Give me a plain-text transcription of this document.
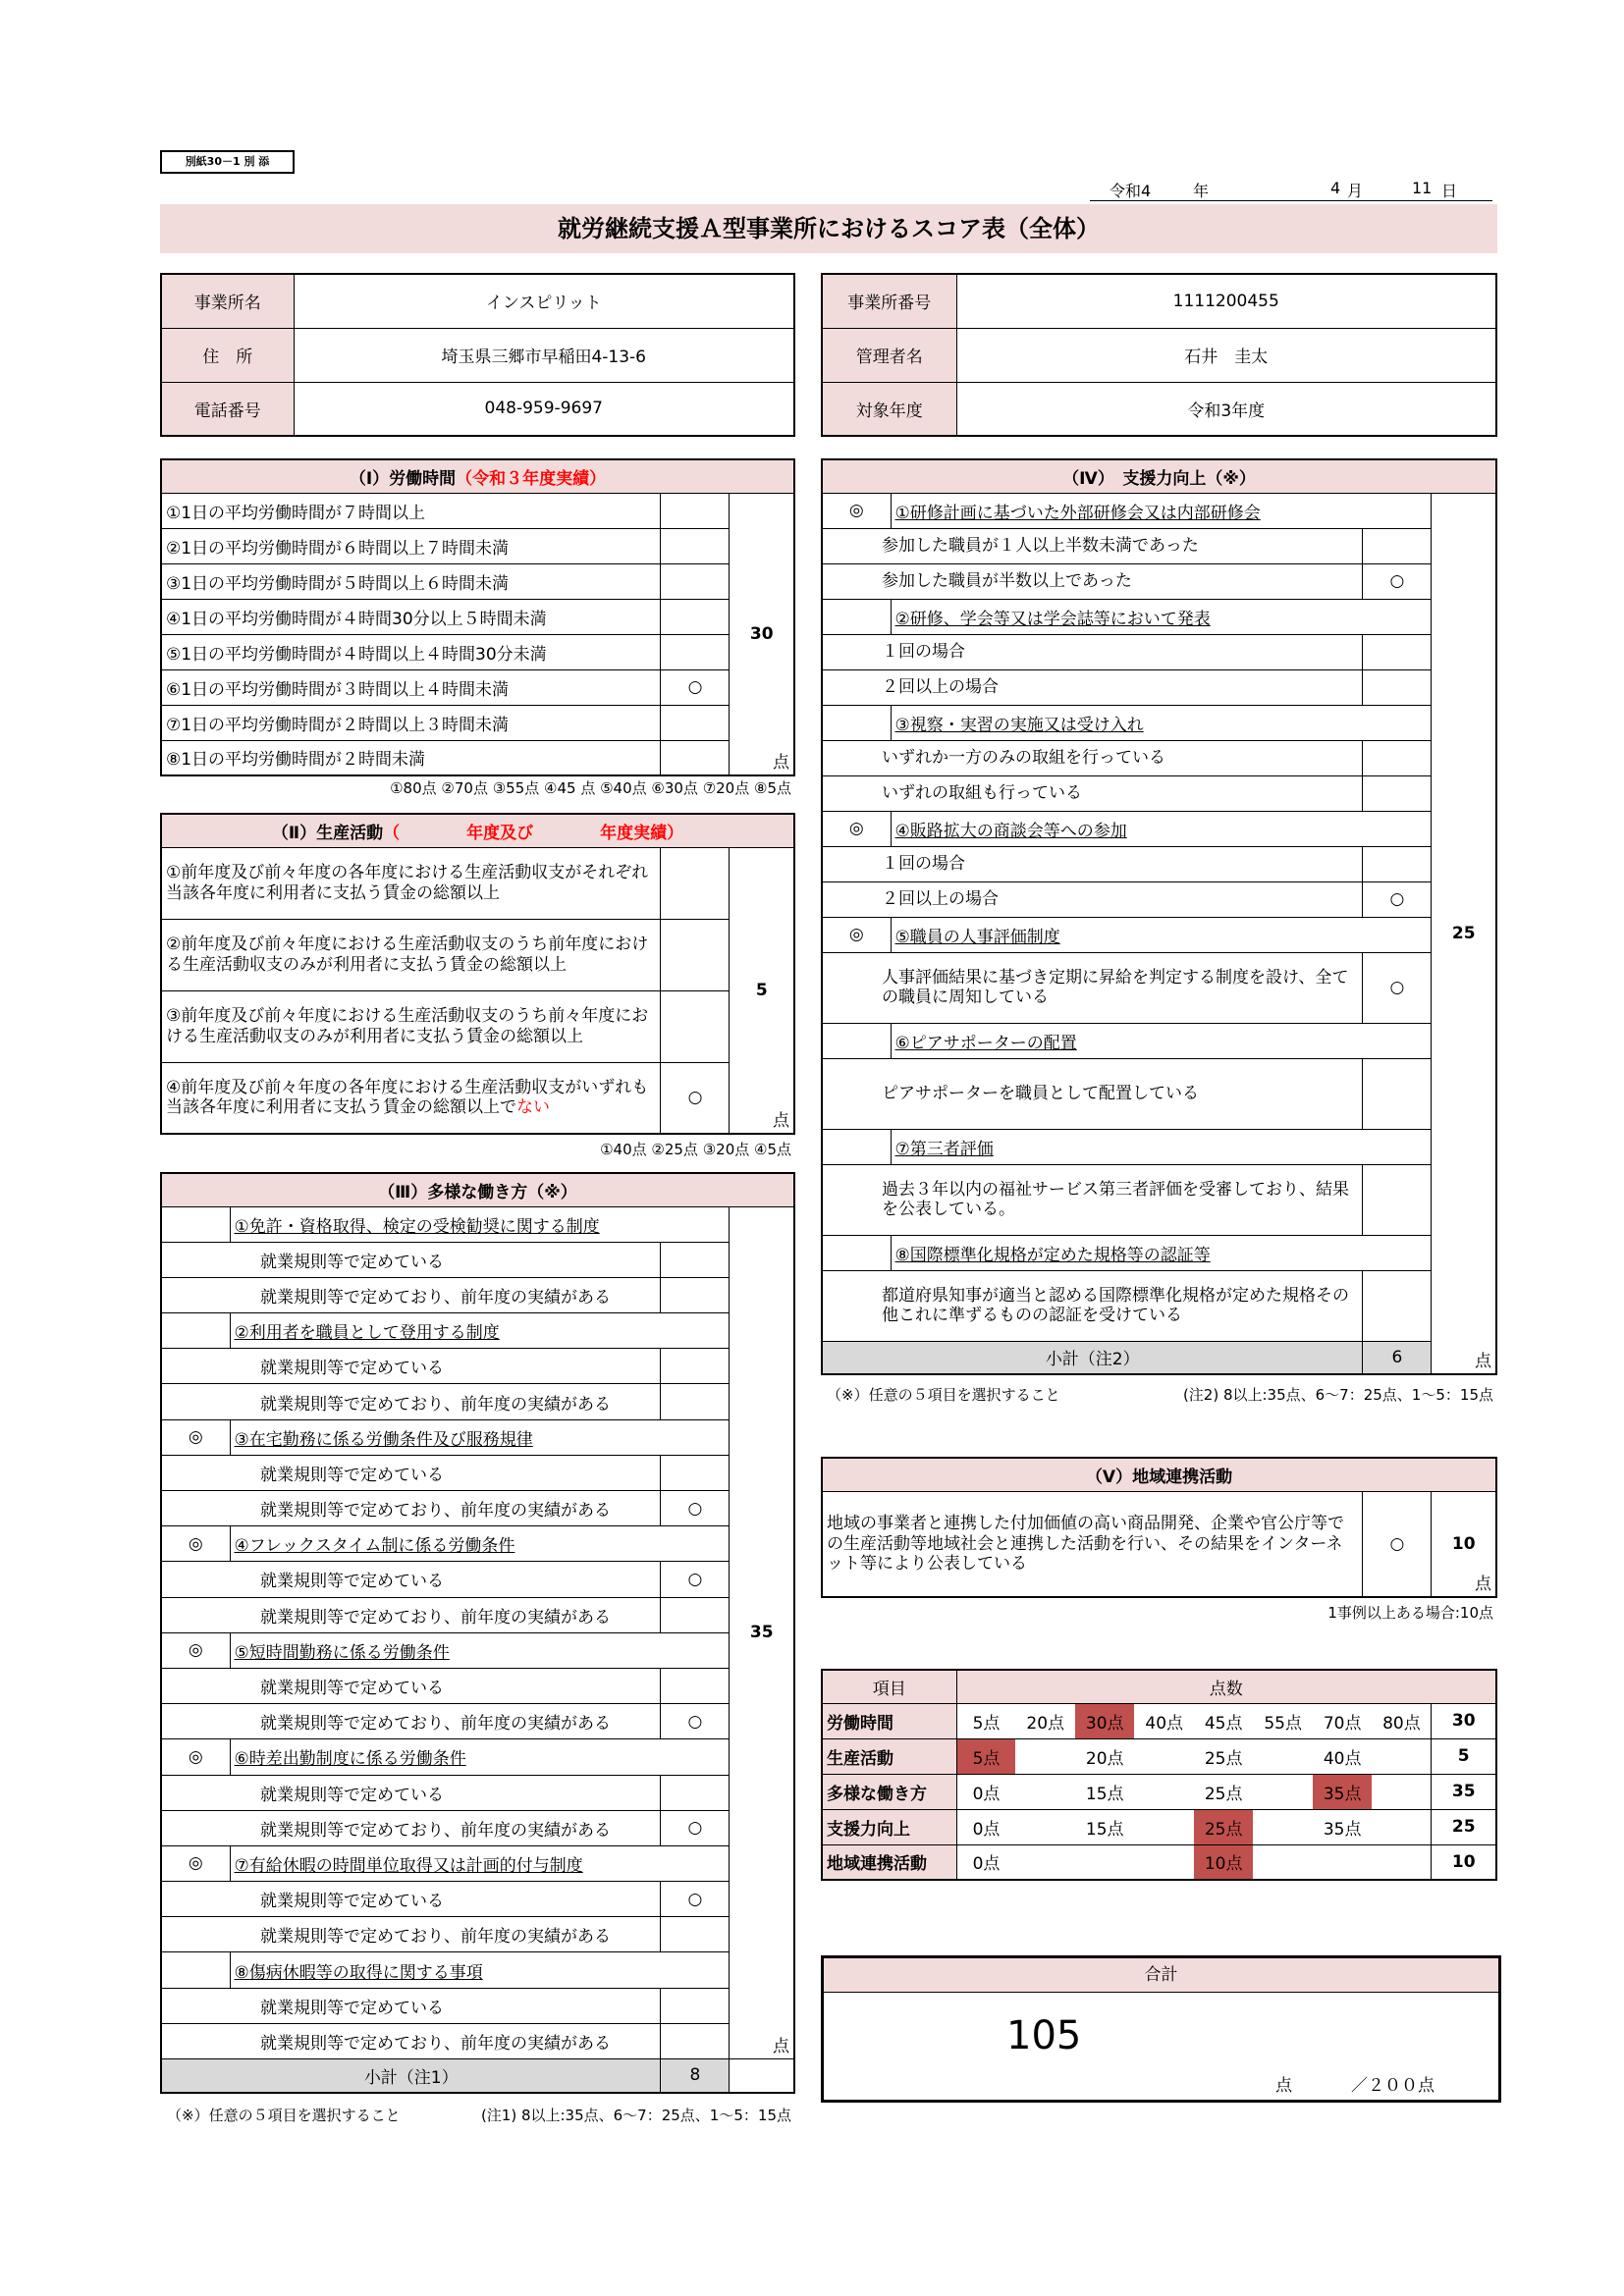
別紙30－1 別 添
令和4	年	4 月	11 日
就労継続支援Ａ型事業所におけるスコア表（全体）
事業所名	インスピリット
住　所	埼玉県三郷市早稲田4-13-6
電話番号	048-959-9697
事業所番号	1111200455
管理者名	石井　圭太
対象年度	令和3年度
（Ⅰ）労働時間（令和３年度実績）		
①1日の平均労働時間が７時間以上		30
点

②1日の平均労働時間が６時間以上７時間未満		
③1日の平均労働時間が５時間以上６時間未満		
④1日の平均労働時間が４時間30分以上５時間未満		
⑤1日の平均労働時間が４時間以上４時間30分未満		
⑥1日の平均労働時間が３時間以上４時間未満	○	
⑦1日の平均労働時間が２時間以上３時間未満		
⑧1日の平均労働時間が２時間未満		
①80点 ②70点 ③55点 ④45 点 ⑤40点 ⑥30点 ⑦20点 ⑧5点
（Ⅱ）生産活動（　　　　年度及び　　　　年度実績）		
①前年度及び前々年度の各年度における生産活動収支がそれぞれ当該各年度に利用者に支払う賃金の総額以上		5
点

②前年度及び前々年度における生産活動収支のうち前年度における生産活動収支のみが利用者に支払う賃金の総額以上		
③前年度及び前々年度における生産活動収支のうち前々年度における生産活動収支のみが利用者に支払う賃金の総額以上		
④前年度及び前々年度の各年度における生産活動収支がいずれも当該各年度に利用者に支払う賃金の総額以上でない	○	
①40点 ②25点 ③20点 ④5点
（Ⅲ）多様な働き方（※）			
	①免許・資格取得、検定の受検勧奨に関する制度		35
点

就業規則等で定めている			
就業規則等で定めており、前年度の実績がある			
	②利用者を職員として登用する制度		
就業規則等で定めている			
就業規則等で定めており、前年度の実績がある			
◎	③在宅勤務に係る労働条件及び服務規律		
就業規則等で定めている			
就業規則等で定めており、前年度の実績がある		○	
◎	④フレックスタイム制に係る労働条件		
就業規則等で定めている		○	
就業規則等で定めており、前年度の実績がある			
◎	⑤短時間勤務に係る労働条件		
就業規則等で定めている			
就業規則等で定めており、前年度の実績がある		○	
◎	⑥時差出勤制度に係る労働条件		
就業規則等で定めている			
就業規則等で定めており、前年度の実績がある		○	
◎	⑦有給休暇の時間単位取得又は計画的付与制度		
就業規則等で定めている		○	
就業規則等で定めており、前年度の実績がある			
	⑧傷病休暇等の取得に関する事項		
就業規則等で定めている			
就業規則等で定めており、前年度の実績がある			
小計（注1）		8	
（※）任意の５項目を選択すること	(注1) 8以上:35点、6～7：25点、1～5：15点
（Ⅳ）　支援力向上（※）			
◎	①研修計画に基づいた外部研修会又は内部研修会		25
点

参加した職員が１人以上半数未満であった			
参加した職員が半数以上であった		○	
	②研修、学会等又は学会誌等において発表		
１回の場合			
２回以上の場合			
	③視察・実習の実施又は受け入れ		
いずれか一方のみの取組を行っている			
いずれの取組も行っている			
◎	④販路拡大の商談会等への参加		
１回の場合			
２回以上の場合		○	
◎	⑤職員の人事評価制度		
人事評価結果に基づき定期に昇給を判定する制度を設け、全ての職員に周知している		○	
	⑥ピアサポーターの配置		
ピアサポーターを職員として配置している			
	⑦第三者評価		
過去３年以内の福祉サービス第三者評価を受審しており、結果を公表している。			
	⑧国際標準化規格が定めた規格等の認証等		
都道府県知事が適当と認める国際標準化規格が定めた規格その他これに準ずるものの認証を受けている			
小計（注2）		6	
（※）任意の５項目を選択すること	(注2) 8以上:35点、6～7：25点、1～5：15点
（Ⅴ）地域連携活動
地域の事業者と連携した付加価値の高い商品開発、企業や官公庁等での生産活動等地域社会と連携した活動を行い、その結果をインターネット等により公表している	○	10
点
1事例以上ある場合:10点
項目	点数								
労働時間	5点	20点	30点	40点	45点	55点	70点	80点	30
生産活動	5点		20点		25点		40点		5
多様な働き方	0点		15点		25点		35点		35
支援力向上	0点		15点		25点		35点		25
地域連携活動	0点				10点				10
合計
105
点	／２００点
